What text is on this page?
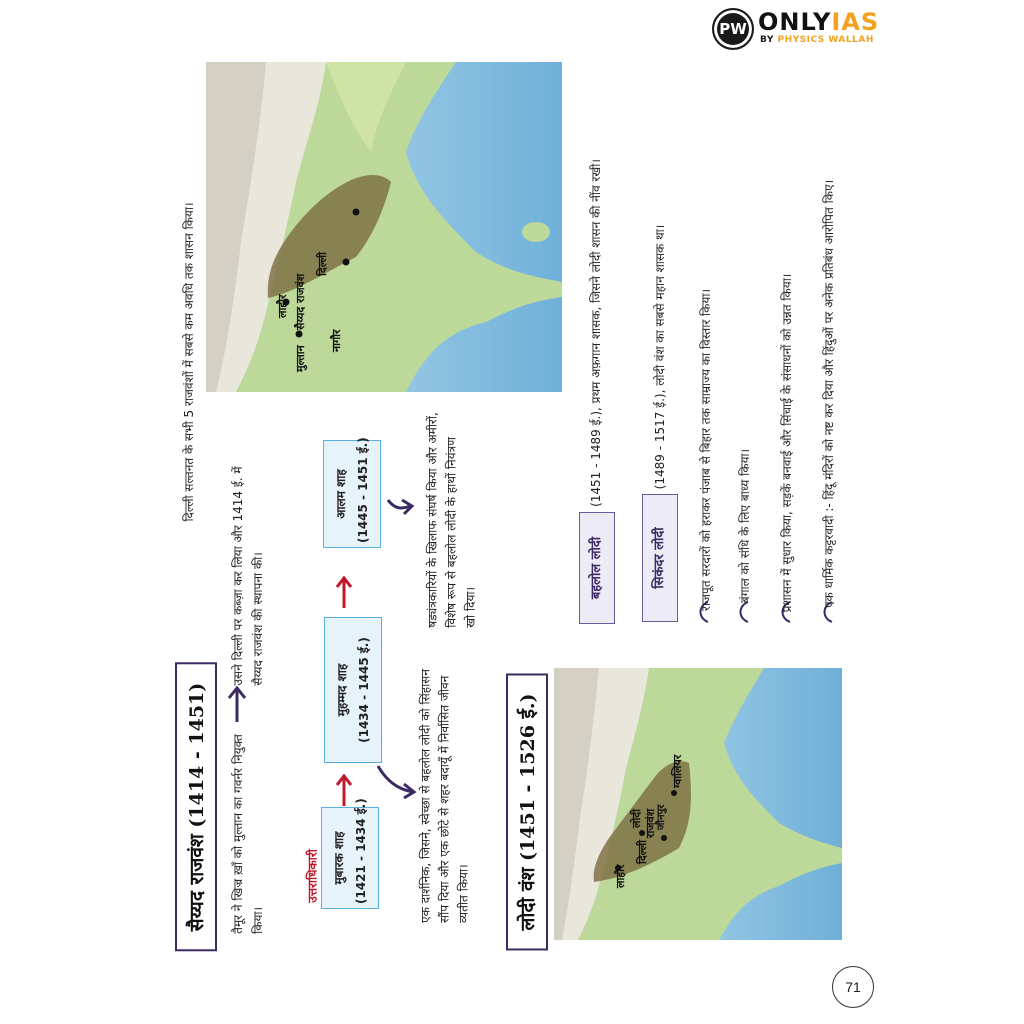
PW ONLYIAS
BY PHYSICS WALLAH
सैय्यद राजवंश (1414 - 1451)	तैमूर ने खिज्र ख़ाँ को मुल्तान का गवर्नर नियुक्त किया।
उसने दिल्ली पर कब्ज़ा कर लिया और 1414 ई. में सैय्यद राजवंश की स्थापना की।
दिल्ली सल्तनत के सभी 5 राजवंशों में सबसे कम अवधि तक शासन किया।
उत्तराधिकारी	मुबारक शाह (1421 - 1434 ई.)
मुहम्मद शाह (1434 - 1445 ई.)
आलम शाह (1445 - 1451 ई.)	षड्यंत्रकारियों के खिलाफ संघर्ष किया और अमीरों, विशेष रूप से बहलोल लोदी के हाथों नियंत्रण खो दिया।
एक दार्शनिक, जिसने, स्वेच्छा से बहलोल लोदी को सिंहासन सौंप दिया और एक छोटे से शहर बदायूँ में निर्वासित जीवन व्यतीत किया।
लाहौर
मुल्तान
सैय्यद राजवंश
दिल्ली
नागौर
लोदी वंश (1451 - 1526 ई.)	लाहौर
दिल्ली
लोदी राजवंश
ग्वालियर
जौनपुर
बहलोल लोदी	सिकंदर लोदी
(1451 - 1489 ई.), प्रथम अफ़गान शासक, जिसने लोदी शासन की नींव रखी।	(1489 - 1517 ई.), लोदी वंश का सबसे महान शासक था।	राजपूत सरदारों को हराकर पंजाब से बिहार तक साम्राज्य का विस्तार किया। बंगाल को संधि के लिए बाध्य किया। प्रशासन में सुधार किया, सड़कें बनवाई और सिंचाई के संसाधनों को उन्नत किया। एक धार्मिक कट्टरवादी :- हिंदू मंदिरों को नष्ट कर दिया और हिंदुओं पर अनेक प्रतिबंध आरोपित किए।
71
